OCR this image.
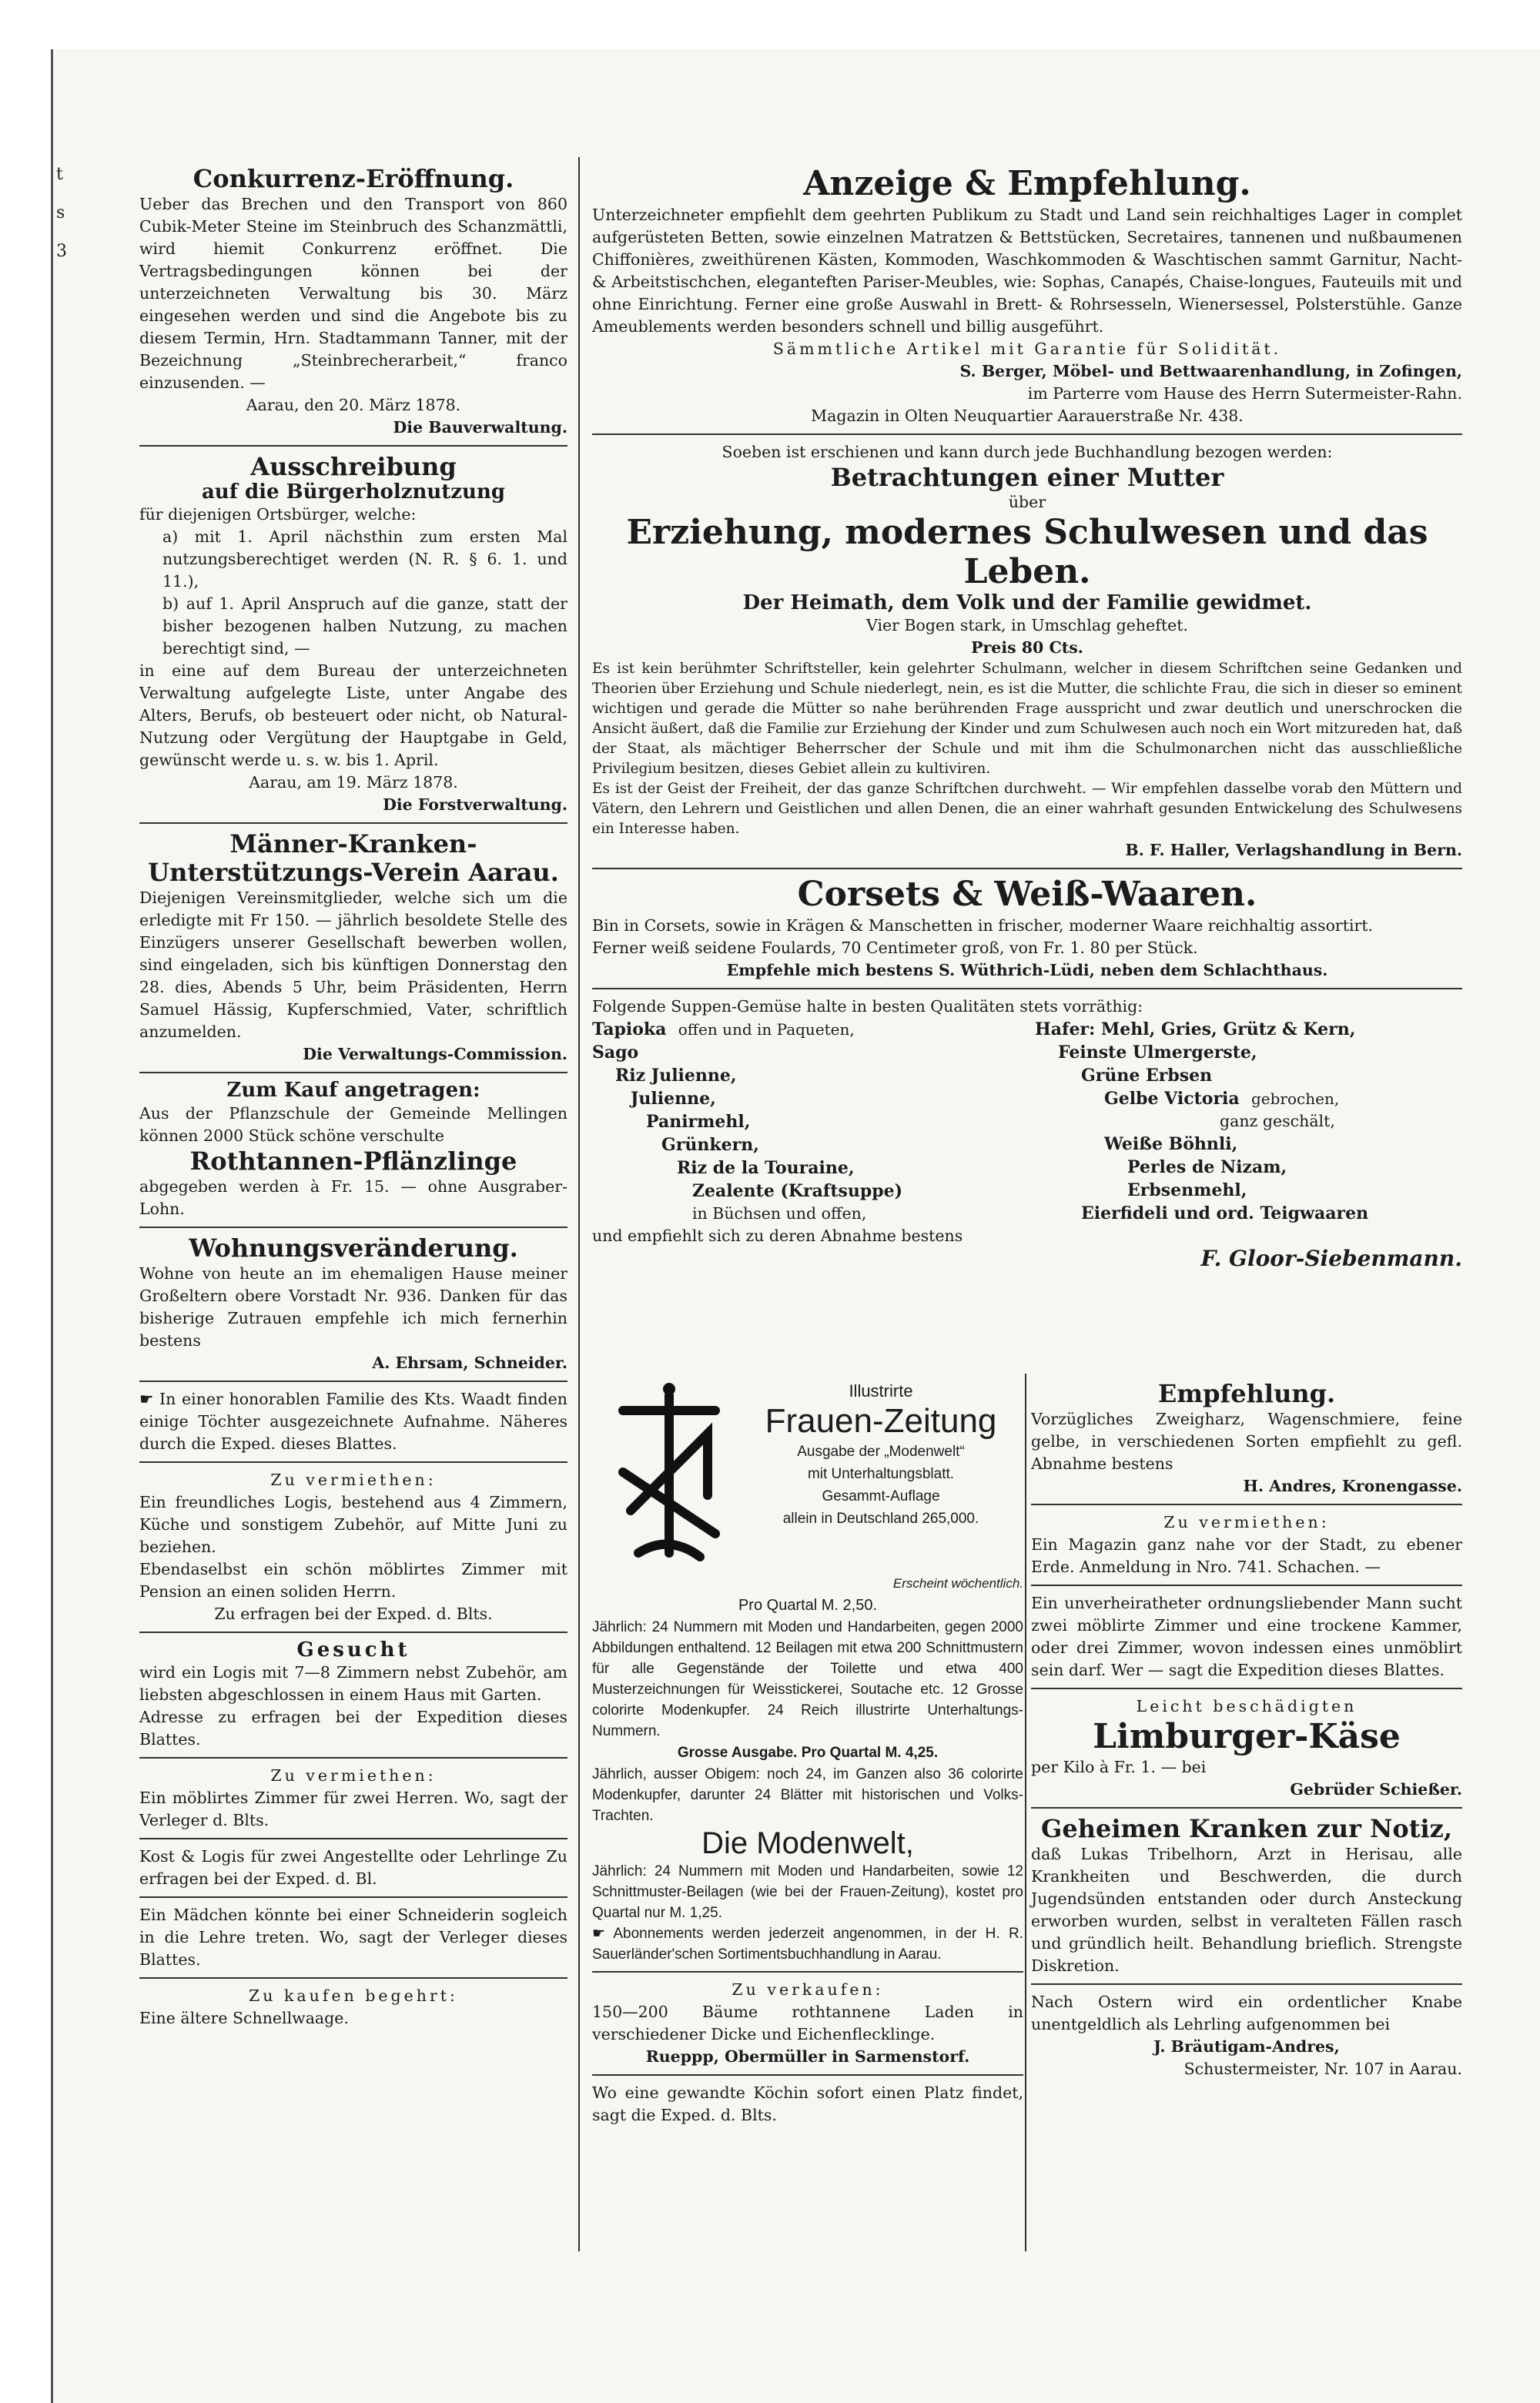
t
s
3

Conkurrenz-Eröffnung.

Ueber das Brechen und den Transport von 860 Cubik-Meter Steine im Steinbruch des Schanzmättli, wird hiemit Conkurrenz eröffnet. Die Vertragsbedingungen können bei der unterzeichneten Verwaltung bis 30. März eingesehen werden und sind die Angebote bis zu diesem Termin, Hrn. Stadtammann Tanner, mit der Bezeichnung „Steinbrecherarbeit,“ franco einzusenden. —

Aarau, den 20. März 1878.

Die Bauverwaltung.

Ausschreibung

auf die Bürgerholznutzung

für diejenigen Ortsbürger, welche:

a) mit 1. April nächsthin zum ersten Mal nutzungsberechtiget werden (N. R. § 6. 1. und 11.),

b) auf 1. April Anspruch auf die ganze, statt der bisher bezogenen halben Nutzung, zu machen berechtigt sind, —

in eine auf dem Bureau der unterzeichneten Verwaltung aufgelegte Liste, unter Angabe des Alters, Berufs, ob besteuert oder nicht, ob Natural-Nutzung oder Vergütung der Hauptgabe in Geld, gewünscht werde u. s. w. bis 1. April.

Aarau, am 19. März 1878.

Die Forstverwaltung.

Männer-Kranken-Unterstützungs-Verein Aarau.

Diejenigen Vereinsmitglieder, welche sich um die erledigte mit Fr 150. — jährlich besoldete Stelle des Einzügers unserer Gesellschaft bewerben wollen, sind eingeladen, sich bis künftigen Donnerstag den 28. dies, Abends 5 Uhr, beim Präsidenten, Herrn Samuel Hässig, Kupferschmied, Vater, schriftlich anzumelden.

Die Verwaltungs-Commission.

Zum Kauf angetragen:

Aus der Pflanzschule der Gemeinde Mellingen können 2000 Stück schöne verschulte

Rothtannen-Pflänzlinge

abgegeben werden à Fr. 15. — ohne Ausgraber-Lohn.

Wohnungsveränderung.

Wohne von heute an im ehemaligen Hause meiner Großeltern obere Vorstadt Nr. 936. Danken für das bisherige Zutrauen empfehle ich mich fernerhin bestens

A. Ehrsam, Schneider.

☛ In einer honorablen Familie des Kts. Waadt finden einige Töchter ausgezeichnete Aufnahme. Näheres durch die Exped. dieses Blattes.

Zu vermiethen:

Ein freundliches Logis, bestehend aus 4 Zimmern, Küche und sonstigem Zubehör, auf Mitte Juni zu beziehen.

Ebendaselbst ein schön möblirtes Zimmer mit Pension an einen soliden Herrn.

Zu erfragen bei der Exped. d. Blts.

Gesucht

wird ein Logis mit 7—8 Zimmern nebst Zubehör, am liebsten abgeschlossen in einem Haus mit Garten.

Adresse zu erfragen bei der Expedition dieses Blattes.

Zu vermiethen:

Ein möblirtes Zimmer für zwei Herren. Wo, sagt der Verleger d. Blts.

Kost & Logis für zwei Angestellte oder Lehrlinge Zu erfragen bei der Exped. d. Bl.

Ein Mädchen könnte bei einer Schneiderin sogleich in die Lehre treten. Wo, sagt der Verleger dieses Blattes.

Zu kaufen begehrt:

Eine ältere Schnellwaage.

Anzeige & Empfehlung.

Unterzeichneter empfiehlt dem geehrten Publikum zu Stadt und Land sein reichhaltiges Lager in complet aufgerüsteten Betten, sowie einzelnen Matratzen & Bettstücken, Secretaires, tannenen und nußbaumenen Chiffonières, zweithürenen Kästen, Kommoden, Waschkommoden & Waschtischen sammt Garnitur, Nacht- & Arbeitstischchen, eleganteften Pariser-Meubles, wie: Sophas, Canapés, Chaise-longues, Fauteuils mit und ohne Einrichtung. Ferner eine große Auswahl in Brett- & Rohrsesseln, Wienersessel, Polsterstühle. Ganze Ameublements werden besonders schnell und billig ausgeführt.

Sämmtliche Artikel mit Garantie für Solidität.

S. Berger, Möbel- und Bettwaarenhandlung, in Zofingen,

im Parterre vom Hause des Herrn Sutermeister-Rahn.

Magazin in Olten Neuquartier Aarauerstraße Nr. 438.

Soeben ist erschienen und kann durch jede Buchhandlung bezogen werden:

Betrachtungen einer Mutter

über

Erziehung, modernes Schulwesen und das Leben.

Der Heimath, dem Volk und der Familie gewidmet.

Vier Bogen stark, in Umschlag geheftet.

Preis 80 Cts.

Es ist kein berühmter Schriftsteller, kein gelehrter Schulmann, welcher in diesem Schriftchen seine Gedanken und Theorien über Erziehung und Schule niederlegt, nein, es ist die Mutter, die schlichte Frau, die sich in dieser so eminent wichtigen und gerade die Mütter so nahe berührenden Frage ausspricht und zwar deutlich und unerschrocken die Ansicht äußert, daß die Familie zur Erziehung der Kinder und zum Schulwesen auch noch ein Wort mitzureden hat, daß der Staat, als mächtiger Beherrscher der Schule und mit ihm die Schulmonarchen nicht das ausschließliche Privilegium besitzen, dieses Gebiet allein zu kultiviren.

Es ist der Geist der Freiheit, der das ganze Schriftchen durchweht. — Wir empfehlen dasselbe vorab den Müttern und Vätern, den Lehrern und Geistlichen und allen Denen, die an einer wahrhaft gesunden Entwickelung des Schulwesens ein Interesse haben.

B. F. Haller, Verlagshandlung in Bern.

Corsets & Weiß-Waaren.

Bin in Corsets, sowie in Krägen & Manschetten in frischer, moderner Waare reichhaltig assortirt.

Ferner weiß seidene Foulards, 70 Centimeter groß, von Fr. 1. 80 per Stück.

Empfehle mich bestens S. Wüthrich-Lüdi, neben dem Schlachthaus.

Folgende Suppen-Gemüse halte in besten Qualitäten stets vorräthig:

Tapioka offen und in Paqueten,

Sago

Riz Julienne,

Julienne,

Panirmehl,

Grünkern,

Riz de la Touraine,

Zealente (Kraftsuppe)

in Büchsen und offen,

Hafer: Mehl, Gries, Grütz & Kern,

Feinste Ulmergerste,

Grüne Erbsen

Gelbe Victoria gebrochen,

ganz geschält,

Weiße Böhnli,

Perles de Nizam,

Erbsenmehl,

Eierfideli und ord. Teigwaaren

und empfiehlt sich zu deren Abnahme bestens

F. Gloor-Siebenmann.

Illustrirte

Frauen-Zeitung

Ausgabe der „Modenwelt“

mit Unterhaltungsblatt.

Gesammt-Auflage

allein in Deutschland 265,000.

Erscheint wöchentlich.

Pro Quartal M. 2,50.

Jährlich: 24 Nummern mit Moden und Handarbeiten, gegen 2000 Abbildungen enthaltend. 12 Beilagen mit etwa 200 Schnittmustern für alle Gegenstände der Toilette und etwa 400 Musterzeichnungen für Weisstickerei, Soutache etc. 12 Grosse colorirte Modenkupfer. 24 Reich illustrirte Unterhaltungs-Nummern.

Grosse Ausgabe. Pro Quartal M. 4,25.

Jährlich, ausser Obigem: noch 24, im Ganzen also 36 colorirte Modenkupfer, darunter 24 Blätter mit historischen und Volks-Trachten.

Die Modenwelt,

Jährlich: 24 Nummern mit Moden und Handarbeiten, sowie 12 Schnittmuster-Beilagen (wie bei der Frauen-Zeitung), kostet pro Quartal nur M. 1,25.

☛ Abonnements werden jederzeit angenommen, in der H. R. Sauerländer'schen Sortimentsbuchhandlung in Aarau.

Zu verkaufen:

150—200 Bäume rothtannene Laden in verschiedener Dicke und Eichenflecklinge.

Rueppp, Obermüller in Sarmenstorf.

Wo eine gewandte Köchin sofort einen Platz findet, sagt die Exped. d. Blts.

Empfehlung.

Vorzügliches Zweigharz, Wagenschmiere, feine gelbe, in verschiedenen Sorten empfiehlt zu gefl. Abnahme bestens

H. Andres, Kronengasse.

Zu vermiethen:

Ein Magazin ganz nahe vor der Stadt, zu ebener Erde. Anmeldung in Nro. 741. Schachen. —

Ein unverheiratheter ordnungsliebender Mann sucht zwei möblirte Zimmer und eine trockene Kammer, oder drei Zimmer, wovon indessen eines unmöblirt sein darf. Wer — sagt die Expedition dieses Blattes.

Leicht beschädigten

Limburger-Käse

per Kilo à Fr. 1. — bei

Gebrüder Schießer.

Geheimen Kranken zur Notiz,

daß Lukas Tribelhorn, Arzt in Herisau, alle Krankheiten und Beschwerden, die durch Jugendsünden entstanden oder durch Ansteckung erworben wurden, selbst in veralteten Fällen rasch und gründlich heilt. Behandlung brieflich. Strengste Diskretion.

Nach Ostern wird ein ordentlicher Knabe unentgeldlich als Lehrling aufgenommen bei

J. Bräutigam-Andres,

Schustermeister, Nr. 107 in Aarau.
